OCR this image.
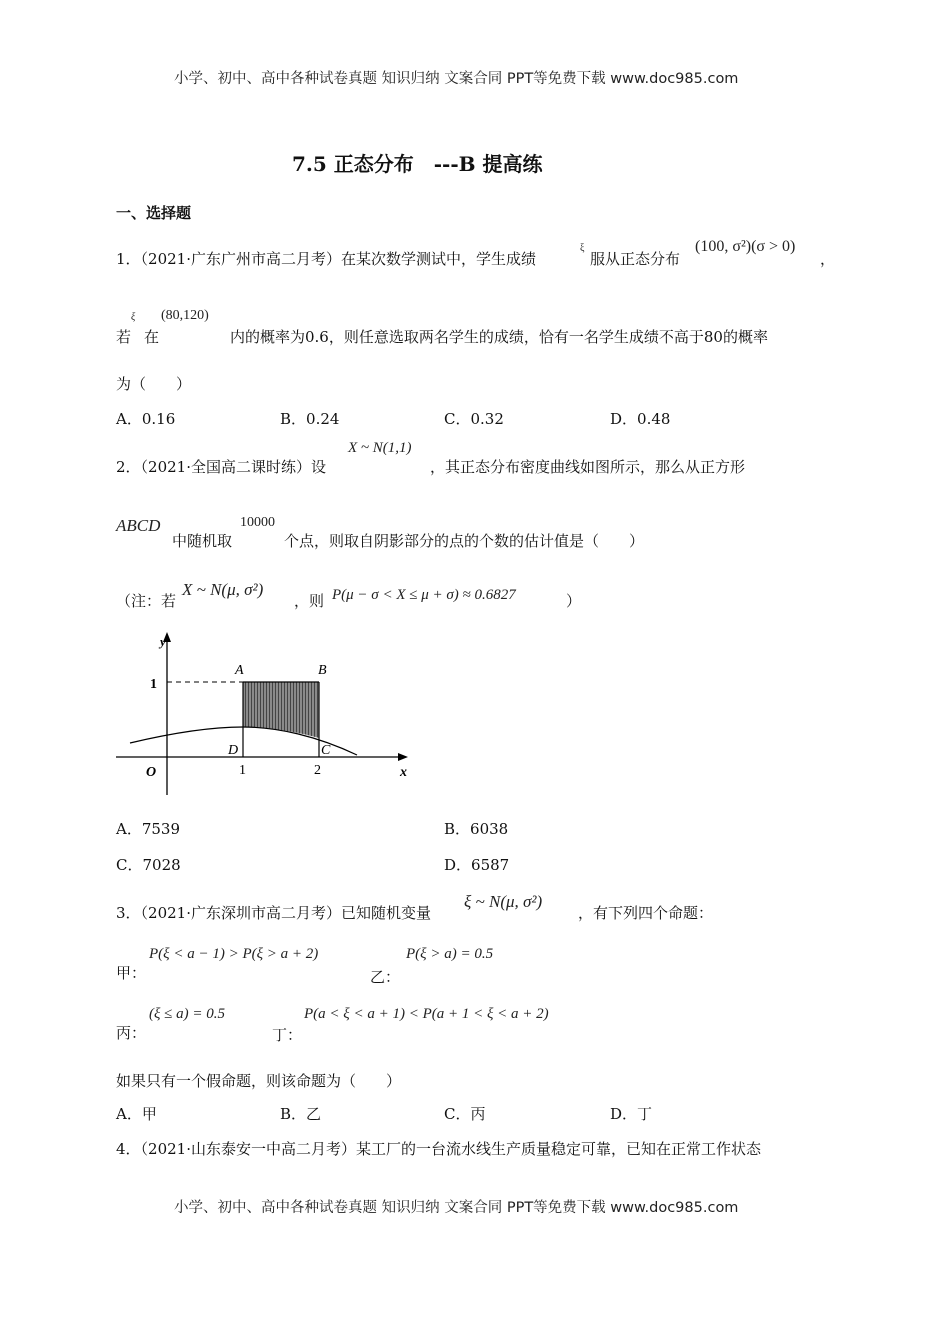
小学、初中、高中各种试卷真题 知识归纳 文案合同 PPT等免费下载 www.doc985.com
7.5 正态分布　---B 提高练
一、选择题
1．（2021·广东广州市高二月考）在某次数学测试中，学生成绩
ξ
服从正态分布
(100, σ²)(σ > 0)
，
若
ξ
在
(80,120)
内的概率为0.6，则任意选取两名学生的成绩，恰有一名学生成绩不高于80的概率
为（　　）
A．0.16	B．0.24	C．0.32	D．0.48
2．（2021·全国高二课时练）设
X ~ N(1,1)
，其正态分布密度曲线如图所示，那么从正方形
ABCD
中随机取
10000
个点，则取自阴影部分的点的个数的估计值是（　　）
（注：若
X ~ N(μ, σ²)
，则 P(μ − σ < X ≤ μ + σ) ≈ 0.6827	）
y
x
O
1
A	B
D	C
1	2
A．7539	B．6038
C．7028	D．6587
3．（2021·广东深圳市高二月考）已知随机变量
ξ ~ N(μ, σ²)
，有下列四个命题：
甲：
P(ξ < a − 1) > P(ξ > a + 2)
乙：
P(ξ > a) = 0.5
丙：
(ξ ≤ a) = 0.5
丁：
P(a < ξ < a + 1) < P(a + 1 < ξ < a + 2)
如果只有一个假命题，则该命题为（　　）
A．甲	B．乙	C．丙	D．丁
4．（2021·山东泰安一中高二月考）某工厂的一台流水线生产质量稳定可靠，已知在正常工作状态
小学、初中、高中各种试卷真题 知识归纳 文案合同 PPT等免费下载 www.doc985.com
